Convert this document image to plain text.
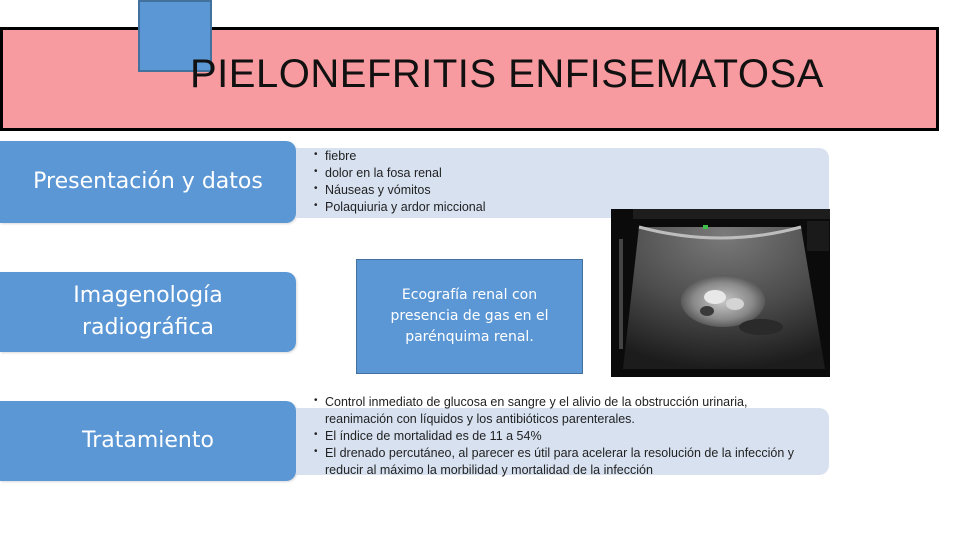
PIELONEFRITIS ENFISEMATOSA
Presentación y datos
• fiebre
• dolor en la fosa renal
• Náuseas y vómitos
• Polaquiuria y ardor miccional
Imagenología
radiográfica
Ecografía renal con presencia de gas en el parénquima renal.
Tratamiento
• Control inmediato de glucosa en sangre y el alivio de la obstrucción urinaria, reanimación con líquidos y los antibióticos parenterales.
• El índice de mortalidad es de 11 a 54%
• El drenado percutáneo, al parecer es útil para acelerar la resolución de la infección y reducir al máximo la morbilidad y mortalidad de la infección
